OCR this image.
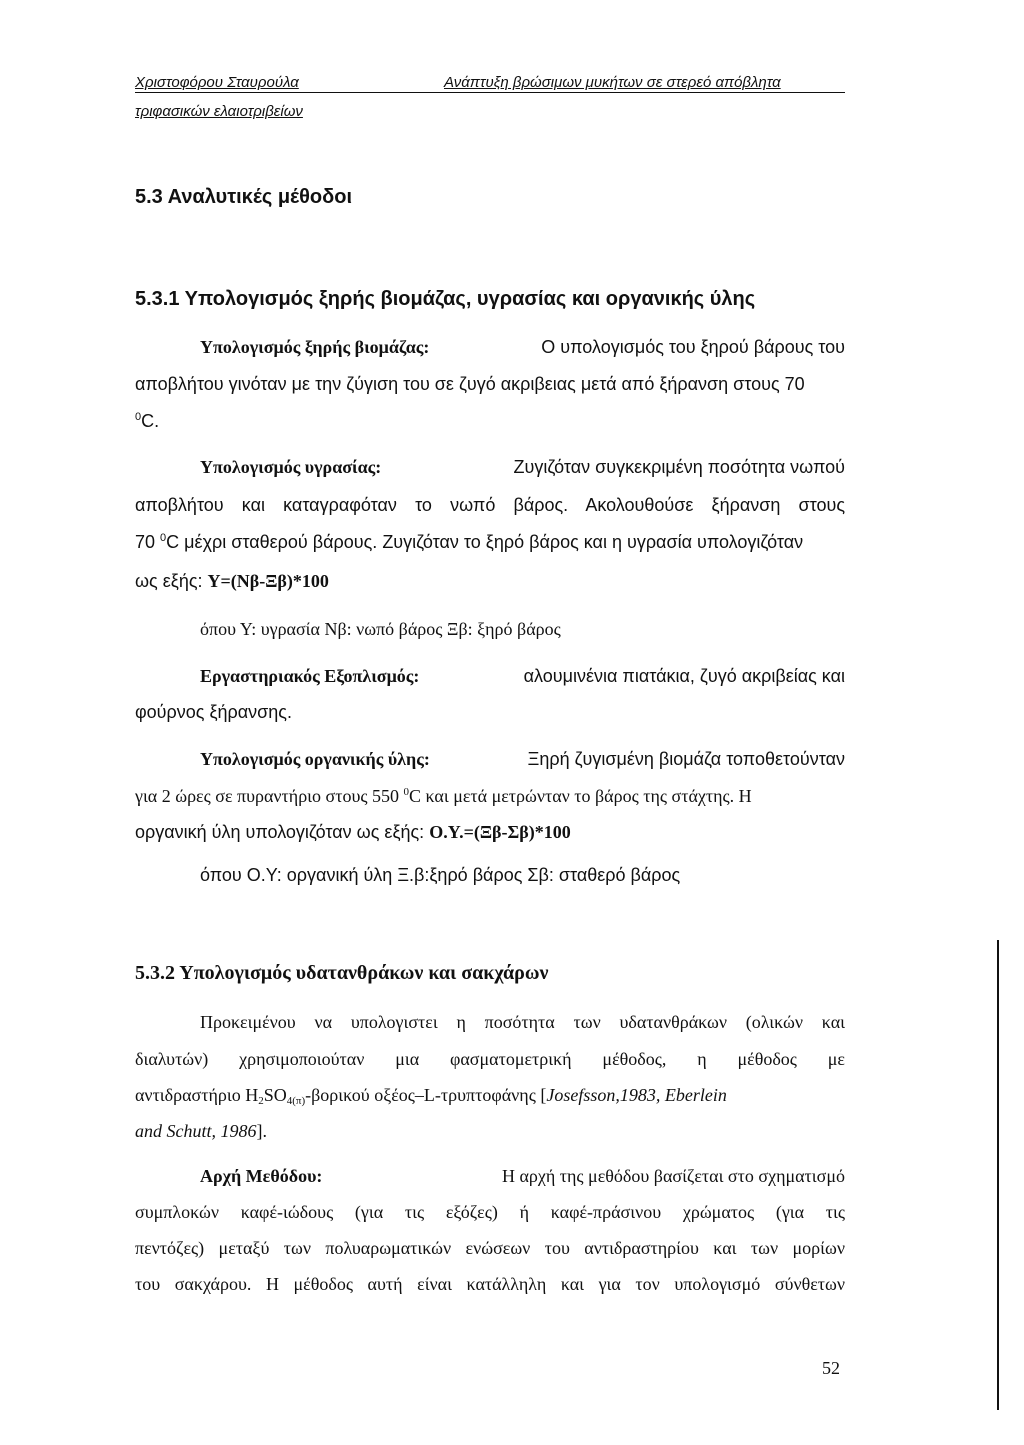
Χριστοφόρου Σταυρούλα	Ανάπτυξη βρώσιμων μυκήτων σε στερεό απόβλητα
τριφασικών ελαιοτριβείων
5.3 Αναλυτικές μέθοδοι
5.3.1 Υπολογισμός ξηρής βιομάζας, υγρασίας και οργανικής ύλης
Υπολογισμός ξηρής βιομάζας:	Ο υπολογισμός του ξηρού βάρους του
αποβλήτου γινόταν με την ζύγιση του σε ζυγό ακριβειας μετά από ξήρανση στους 70
$^0$C.
Υπολογισμός υγρασίας:	Ζυγιζόταν συγκεκριμένη ποσότητα νωπού
αποβλήτου και καταγραφόταν το νωπό βάρος. Ακολουθούσε ξήρανση στους
70 $^0$C μέχρι σταθερού βάρους. Ζυγιζόταν το ξηρό βάρος και η υγρασία υπολογιζόταν
ως εξής: Y=(Nβ-Ξβ)*100
όπου Υ: υγρασία Νβ: νωπό βάρος Ξβ: ξηρό βάρος
Εργαστηριακός Εξοπλισμός:	αλουμινένια πιατάκια, ζυγό ακριβείας και
φούρνος ξήρανσης.
Υπολογισμός οργανικής ύλης:	Ξηρή ζυγισμένη βιομάζα τοποθετούνταν
για 2 ώρες σε πυραντήριο στους 550 $^0$C και μετά μετρώνταν το βάρος της στάχτης. Η
οργανική ύλη υπολογιζόταν ως εξής: Ο.Υ.=(Ξβ-Σβ)*100
όπου Ο.Υ: οργανική ύλη Ξ.β:ξηρό βάρος Σβ: σταθερό βάρος
5.3.2 Υπολογισμός υδατανθράκων και σακχάρων
Προκειμένου να υπολογιστει η ποσότητα των υδατανθράκων (ολικών και
διαλυτών) χρησιμοποιούταν μια φασματομετρική μέθοδος, η μέθοδος με
αντιδραστήριο $H_2SO_{4(\pi)}$-βορικού οξέος–L-τρυπτοφάνης [Josefsson,1983, Eberlein
and Schutt, 1986].
Αρχή Μεθόδου:	Η αρχή της μεθόδου βασίζεται στο σχηματισμό
συμπλοκών καφέ-ιώδους (για τις εξόζες) ή καφέ-πράσινου χρώματος (για τις
πεντόζες) μεταξύ των πολυαρωματικών ενώσεων του αντιδραστηρίου και των μορίων
του σακχάρου. Η μέθοδος αυτή είναι κατάλληλη και για τον υπολογισμό σύνθετων
52
